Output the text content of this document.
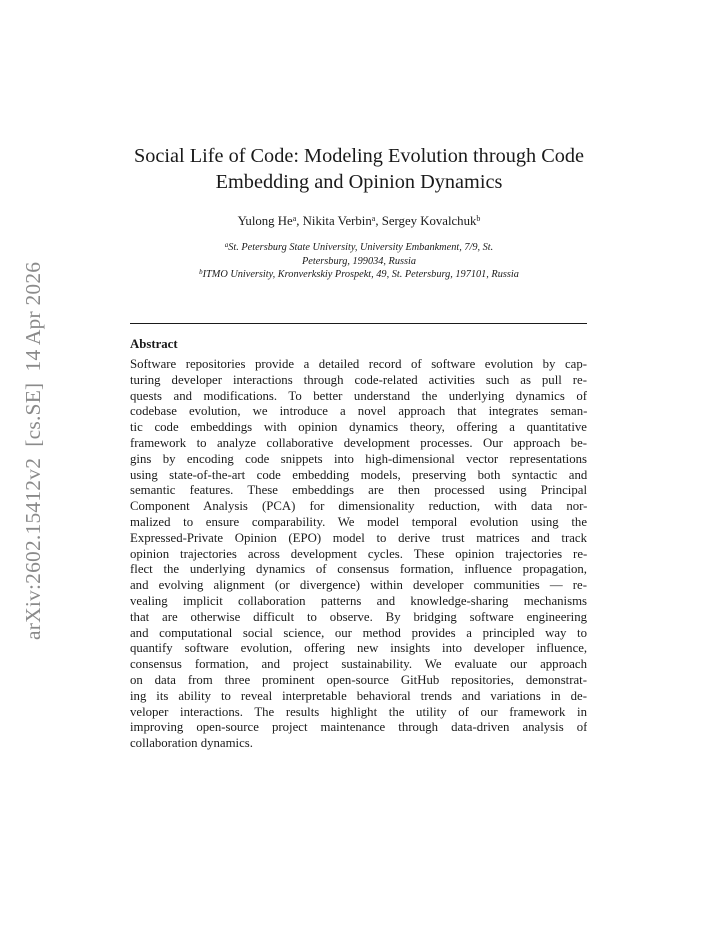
arXiv:2602.15412v2  [cs.SE]  14 Apr 2026
Social Life of Code: Modeling Evolution through Code
Embedding and Opinion Dynamics
Yulong He$^a$, Nikita Verbin$^a$, Sergey Kovalchuk$^b$
$^a$St. Petersburg State University, University Embankment, 7/9, St.
Petersburg, 199034, Russia
$^b$ITMO University, Kronverkskiy Prospekt, 49, St. Petersburg, 197101, Russia
Abstract
Software repositories provide a detailed record of software evolution by cap-
turing developer interactions through code-related activities such as pull re-
quests and modifications. To better understand the underlying dynamics of
codebase evolution, we introduce a novel approach that integrates seman-
tic code embeddings with opinion dynamics theory, offering a quantitative
framework to analyze collaborative development processes. Our approach be-
gins by encoding code snippets into high-dimensional vector representations
using state-of-the-art code embedding models, preserving both syntactic and
semantic features. These embeddings are then processed using Principal
Component Analysis (PCA) for dimensionality reduction, with data nor-
malized to ensure comparability. We model temporal evolution using the
Expressed-Private Opinion (EPO) model to derive trust matrices and track
opinion trajectories across development cycles. These opinion trajectories re-
flect the underlying dynamics of consensus formation, influence propagation,
and evolving alignment (or divergence) within developer communities — re-
vealing implicit collaboration patterns and knowledge-sharing mechanisms
that are otherwise difficult to observe. By bridging software engineering
and computational social science, our method provides a principled way to
quantify software evolution, offering new insights into developer influence,
consensus formation, and project sustainability. We evaluate our approach
on data from three prominent open-source GitHub repositories, demonstrat-
ing its ability to reveal interpretable behavioral trends and variations in de-
veloper interactions. The results highlight the utility of our framework in
improving open-source project maintenance through data-driven analysis of
collaboration dynamics.
